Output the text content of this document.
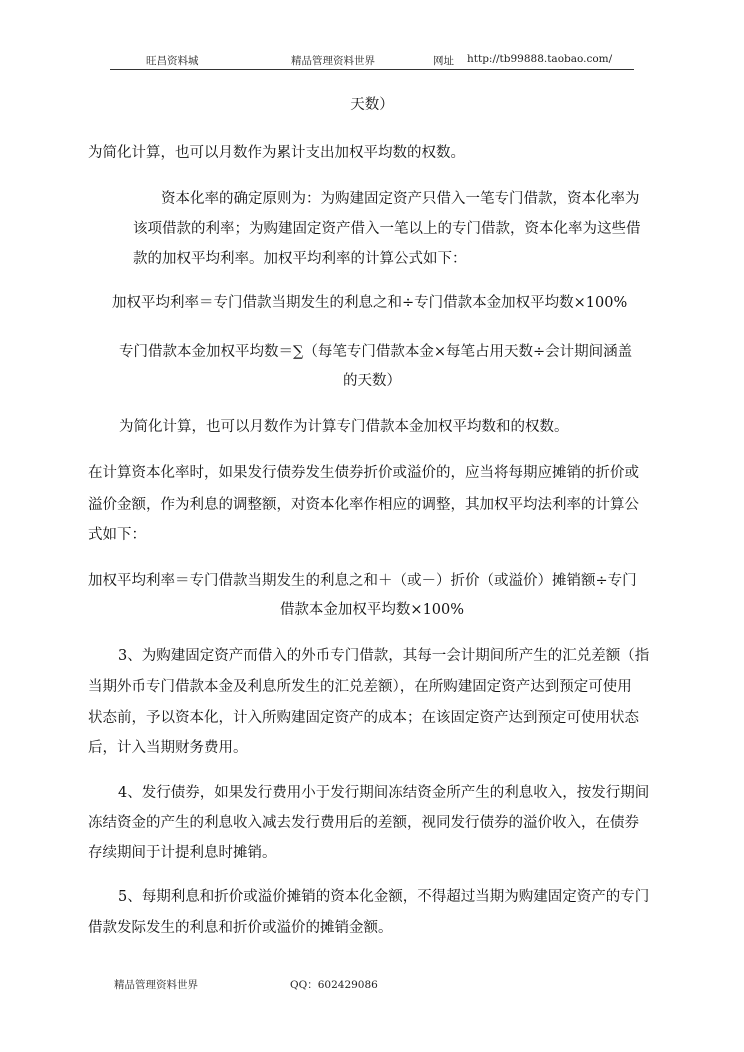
旺昌资料城	精品管理资料世界	网址 http://tb99888.taobao.com/
天数）
为简化计算，也可以月数作为累计支出加权平均数的权数。
资本化率的确定原则为：为购建固定资产只借入一笔专门借款，资本化率为
该项借款的利率；为购建固定资产借入一笔以上的专门借款，资本化率为这些借
款的加权平均利率。加权平均利率的计算公式如下：
加权平均利率＝专门借款当期发生的利息之和÷专门借款本金加权平均数×100%
专门借款本金加权平均数＝∑（每笔专门借款本金×每笔占用天数÷会计期间涵盖
的天数）
为简化计算，也可以月数作为计算专门借款本金加权平均数和的权数。
在计算资本化率时，如果发行债券发生债券折价或溢价的，应当将每期应摊销的折价或
溢价金额，作为利息的调整额，对资本化率作相应的调整，其加权平均法利率的计算公
式如下：
加权平均利率＝专门借款当期发生的利息之和＋（或－）折价（或溢价）摊销额÷专门
借款本金加权平均数×100%
3、为购建固定资产而借入的外币专门借款，其每一会计期间所产生的汇兑差额（指
当期外币专门借款本金及利息所发生的汇兑差额），在所购建固定资产达到预定可使用
状态前，予以资本化，计入所购建固定资产的成本；在该固定资产达到预定可使用状态
后，计入当期财务费用。
4、发行债券，如果发行费用小于发行期间冻结资金所产生的利息收入，按发行期间
冻结资金的产生的利息收入减去发行费用后的差额，视同发行债券的溢价收入，在债券
存续期间于计提利息时摊销。
5、每期利息和折价或溢价摊销的资本化金额，不得超过当期为购建固定资产的专门
借款发际发生的利息和折价或溢价的摊销金额。
精品管理资料世界	QQ：602429086
